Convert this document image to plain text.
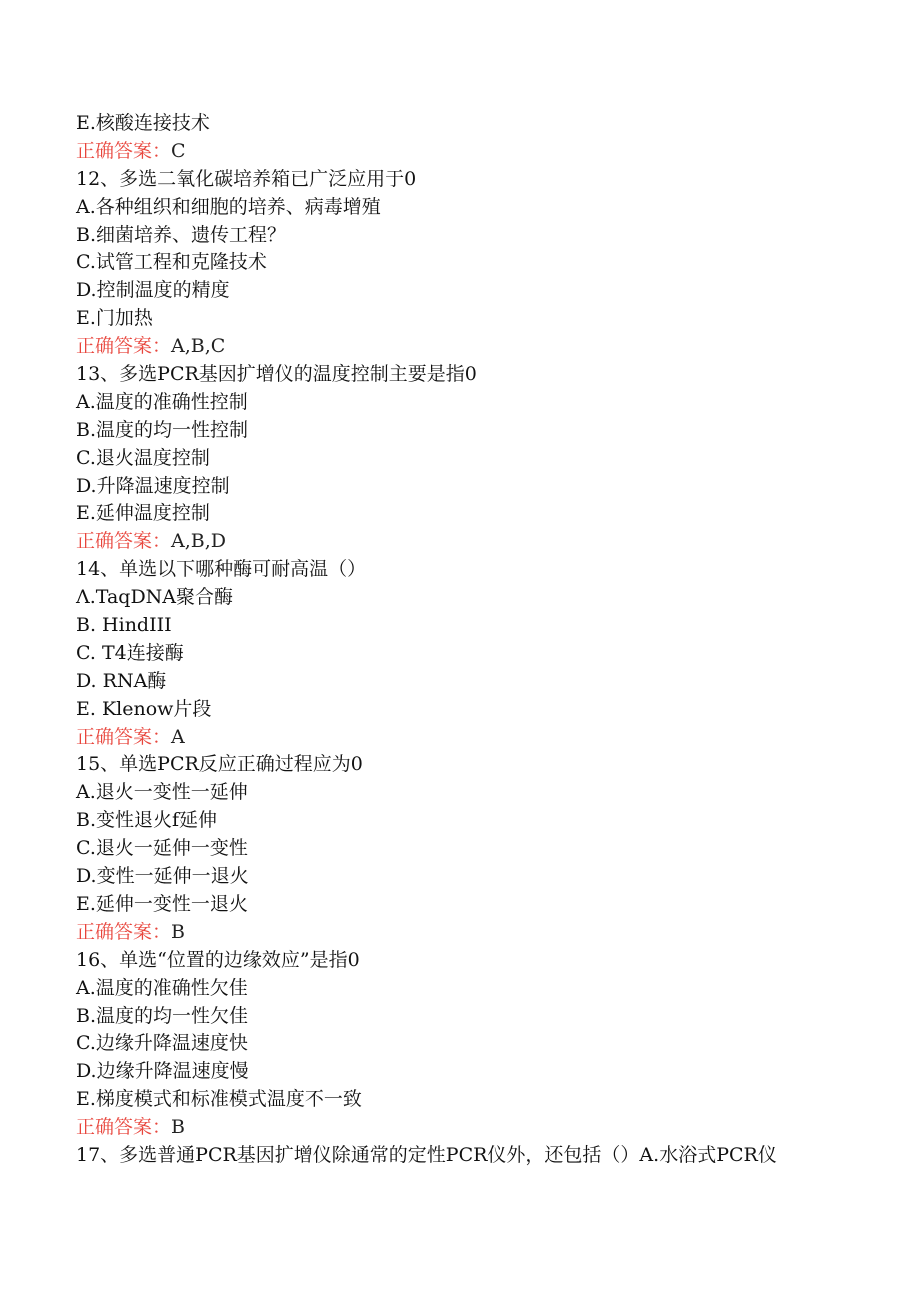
E.核酸连接技术
正确答案：C
12、多选二氧化碳培养箱已广泛应用于0
A.各种组织和细胞的培养、病毒增殖
B.细菌培养、遗传工程？
C.试管工程和克隆技术
D.控制温度的精度
E.门加热
正确答案：A,B,C
13、多选PCR基因扩增仪的温度控制主要是指0
A.温度的准确性控制
B.温度的均一性控制
C.退火温度控制
D.升降温速度控制
E.延伸温度控制
正确答案：A,B,D
14、单选以下哪种酶可耐高温（）
Λ.TaqDNA聚合酶
B. HindIII
C. T4连接酶
D. RNA酶
E. Klenow片段
正确答案：A
15、单选PCR反应正确过程应为0
A.退火一变性一延伸
B.变性退火f延伸
C.退火一延伸一变性
D.变性一延伸一退火
E.延伸一变性一退火
正确答案：B
16、单选“位置的边缘效应”是指0
A.温度的准确性欠佳
B.温度的均一性欠佳
C.边缘升降温速度快
D.边缘升降温速度慢
E.梯度模式和标准模式温度不一致
正确答案：B
17、多选普通PCR基因扩增仪除通常的定性PCR仪外，还包括（）A.水浴式PCR仪
